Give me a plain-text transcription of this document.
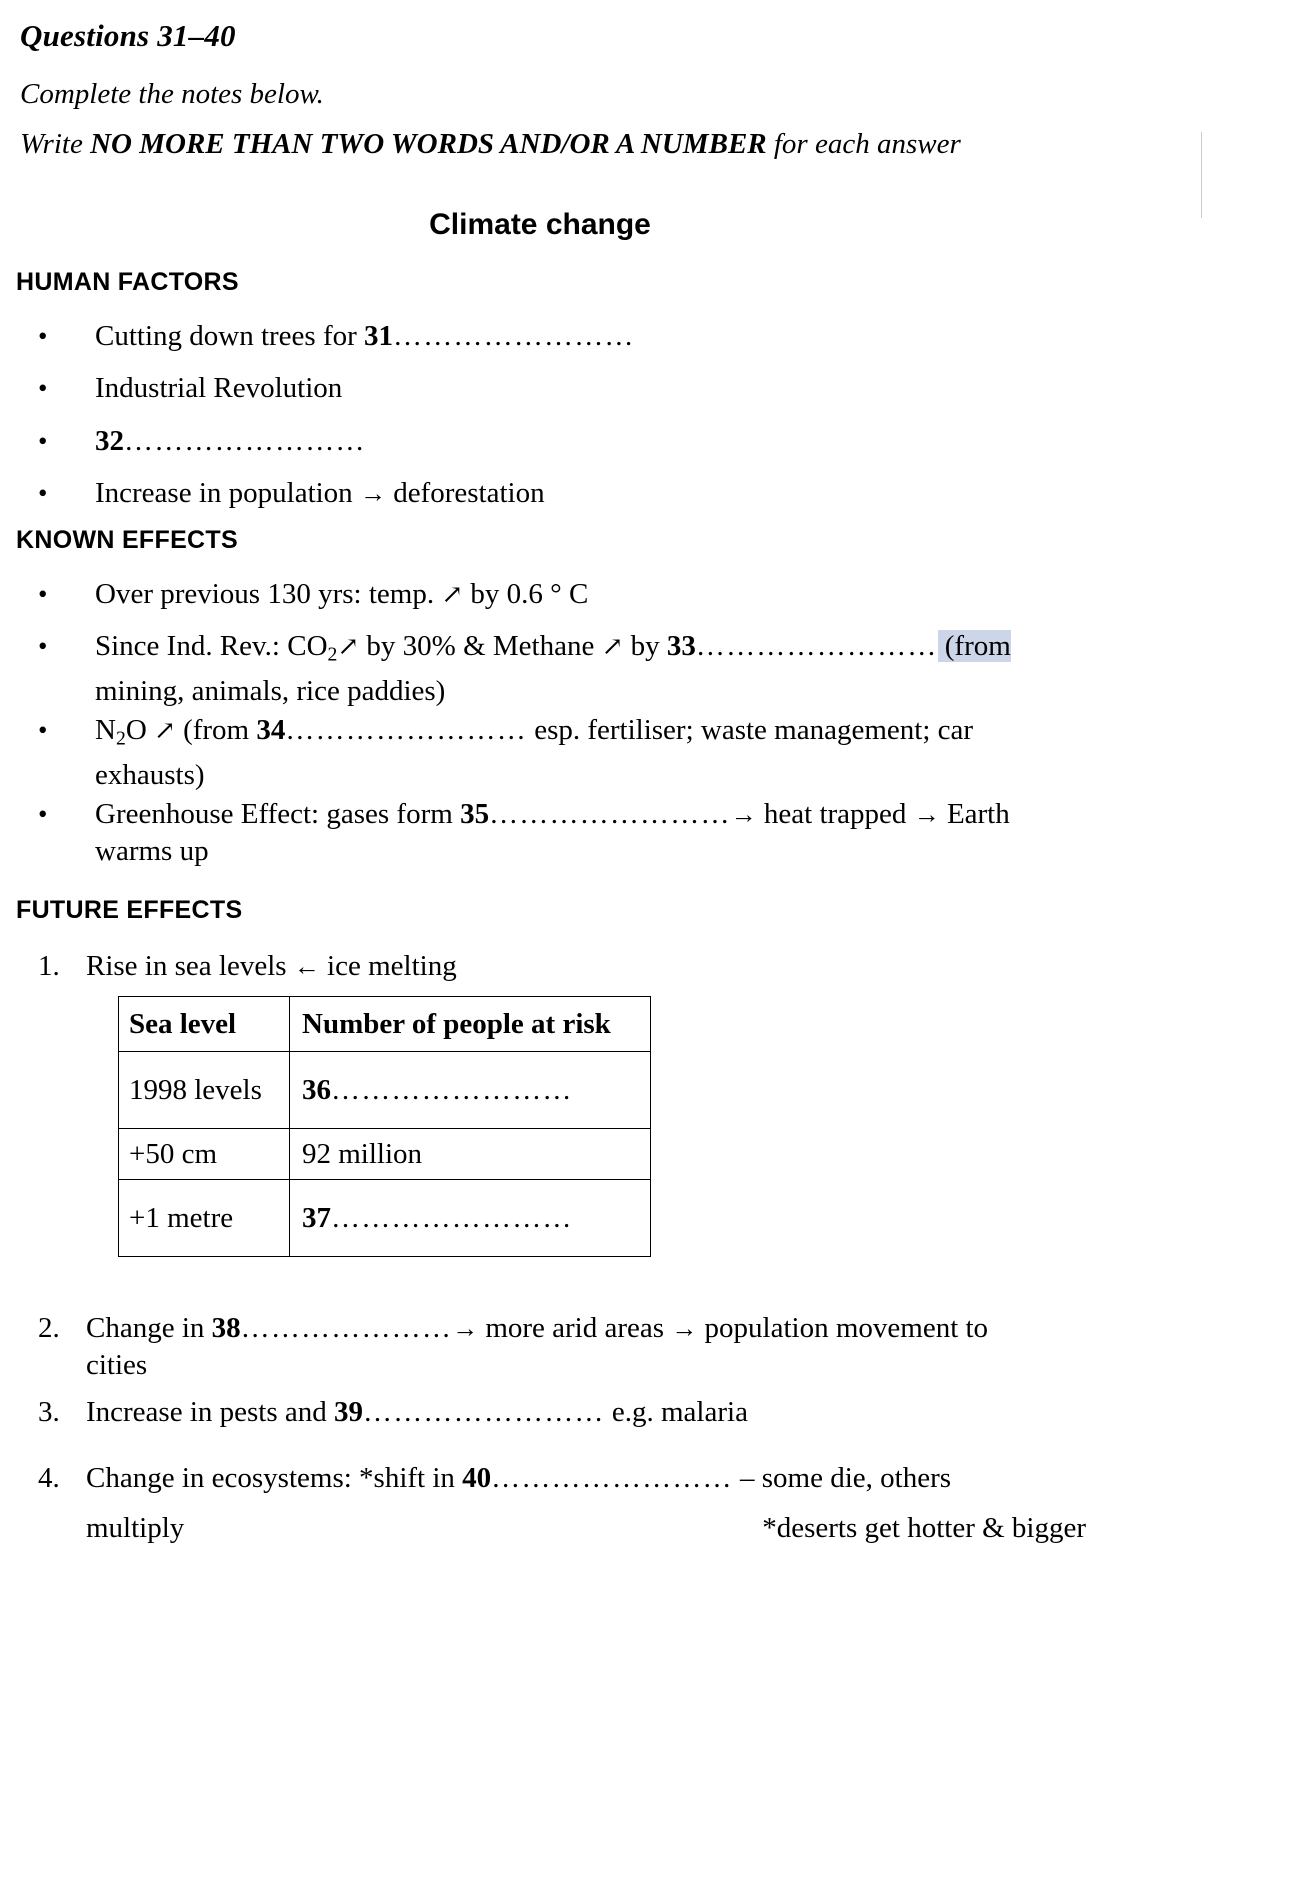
Questions 31–40
Complete the notes below.
Write NO MORE THAN TWO WORDS AND/OR A NUMBER for each answer
Climate change
HUMAN FACTORS
•	Cutting down trees for 31……………………
•	Industrial Revolution
•	32……………………
•	Increase in population → deforestation
KNOWN EFFECTS
•	Over previous 130 yrs: temp. ↗ by 0.6 ° C
•	Since Ind. Rev.: $CO_2↗$ by 30% & Methane ↗ by 33…………………… (from
mining, animals, rice paddies)
•	$N_2O$ ↗ (from 34…………………… esp. fertiliser; waste management; car
exhausts)
•	Greenhouse Effect: gases form 35……………………→ heat trapped → Earth
warms up
FUTURE EFFECTS
1. Rise in sea levels ← ice melting
Sea level	Number of people at risk
1998 levels	36……………………
+50 cm	92 million
+1 metre	37……………………
2. Change in 38…………………→ more arid areas → population movement to
cities
3. Increase in pests and 39…………………… e.g. malaria
4. Change in ecosystems: *shift in 40…………………… – some die, others
multiply	*deserts get hotter & bigger
